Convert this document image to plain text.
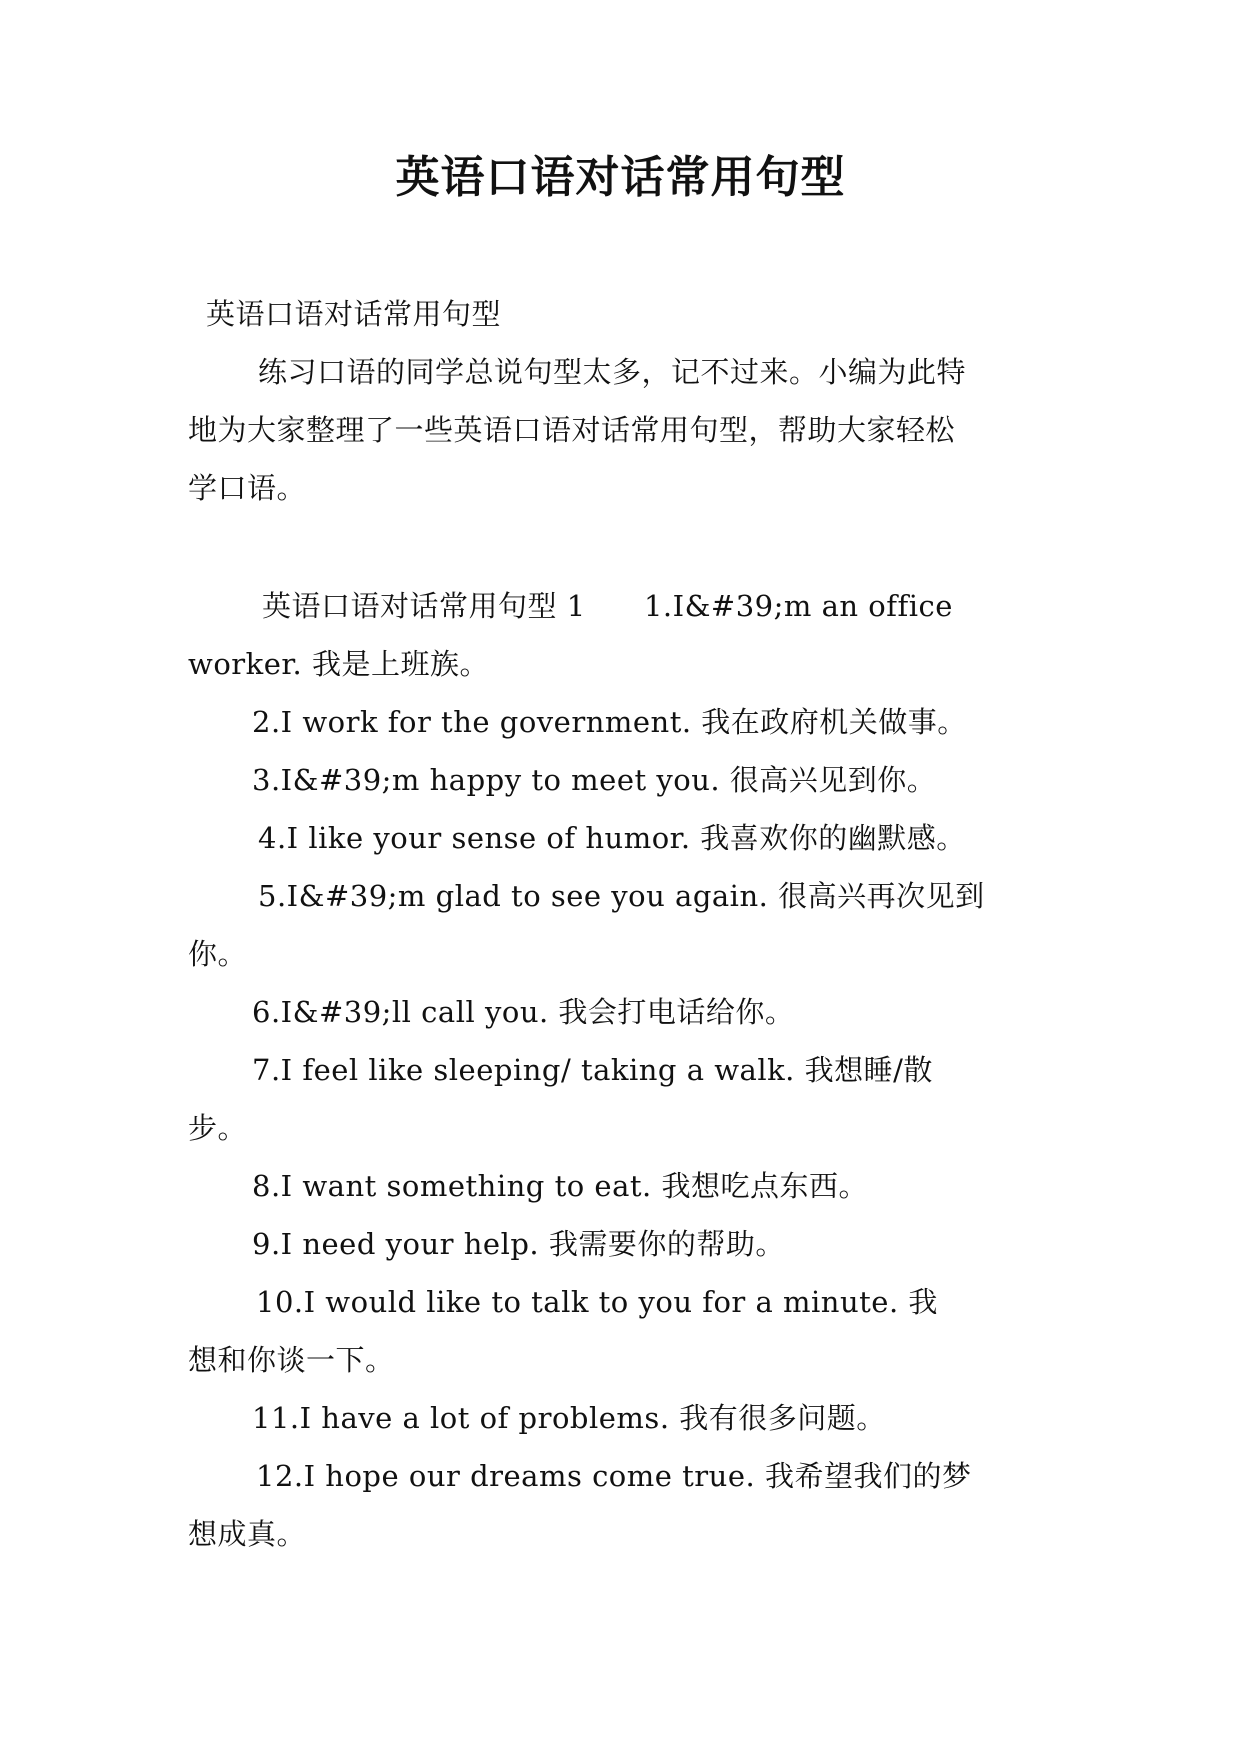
英语口语对话常用句型
英语口语对话常用句型
练习口语的同学总说句型太多，记不过来。小编为此特
地为大家整理了一些英语口语对话常用句型，帮助大家轻松
学口语。
英语口语对话常用句型 1      1.I&#39;m an office
worker. 我是上班族。
2.I work for the government. 我在政府机关做事。
3.I&#39;m happy to meet you. 很高兴见到你。
4.I like your sense of humor. 我喜欢你的幽默感。
5.I&#39;m glad to see you again. 很高兴再次见到
你。
6.I&#39;ll call you. 我会打电话给你。
7.I feel like sleeping/ taking a walk. 我想睡/散
步。
8.I want something to eat. 我想吃点东西。
9.I need your help. 我需要你的帮助。
10.I would like to talk to you for a minute. 我
想和你谈一下。
11.I have a lot of problems. 我有很多问题。
12.I hope our dreams come true. 我希望我们的梦
想成真。
